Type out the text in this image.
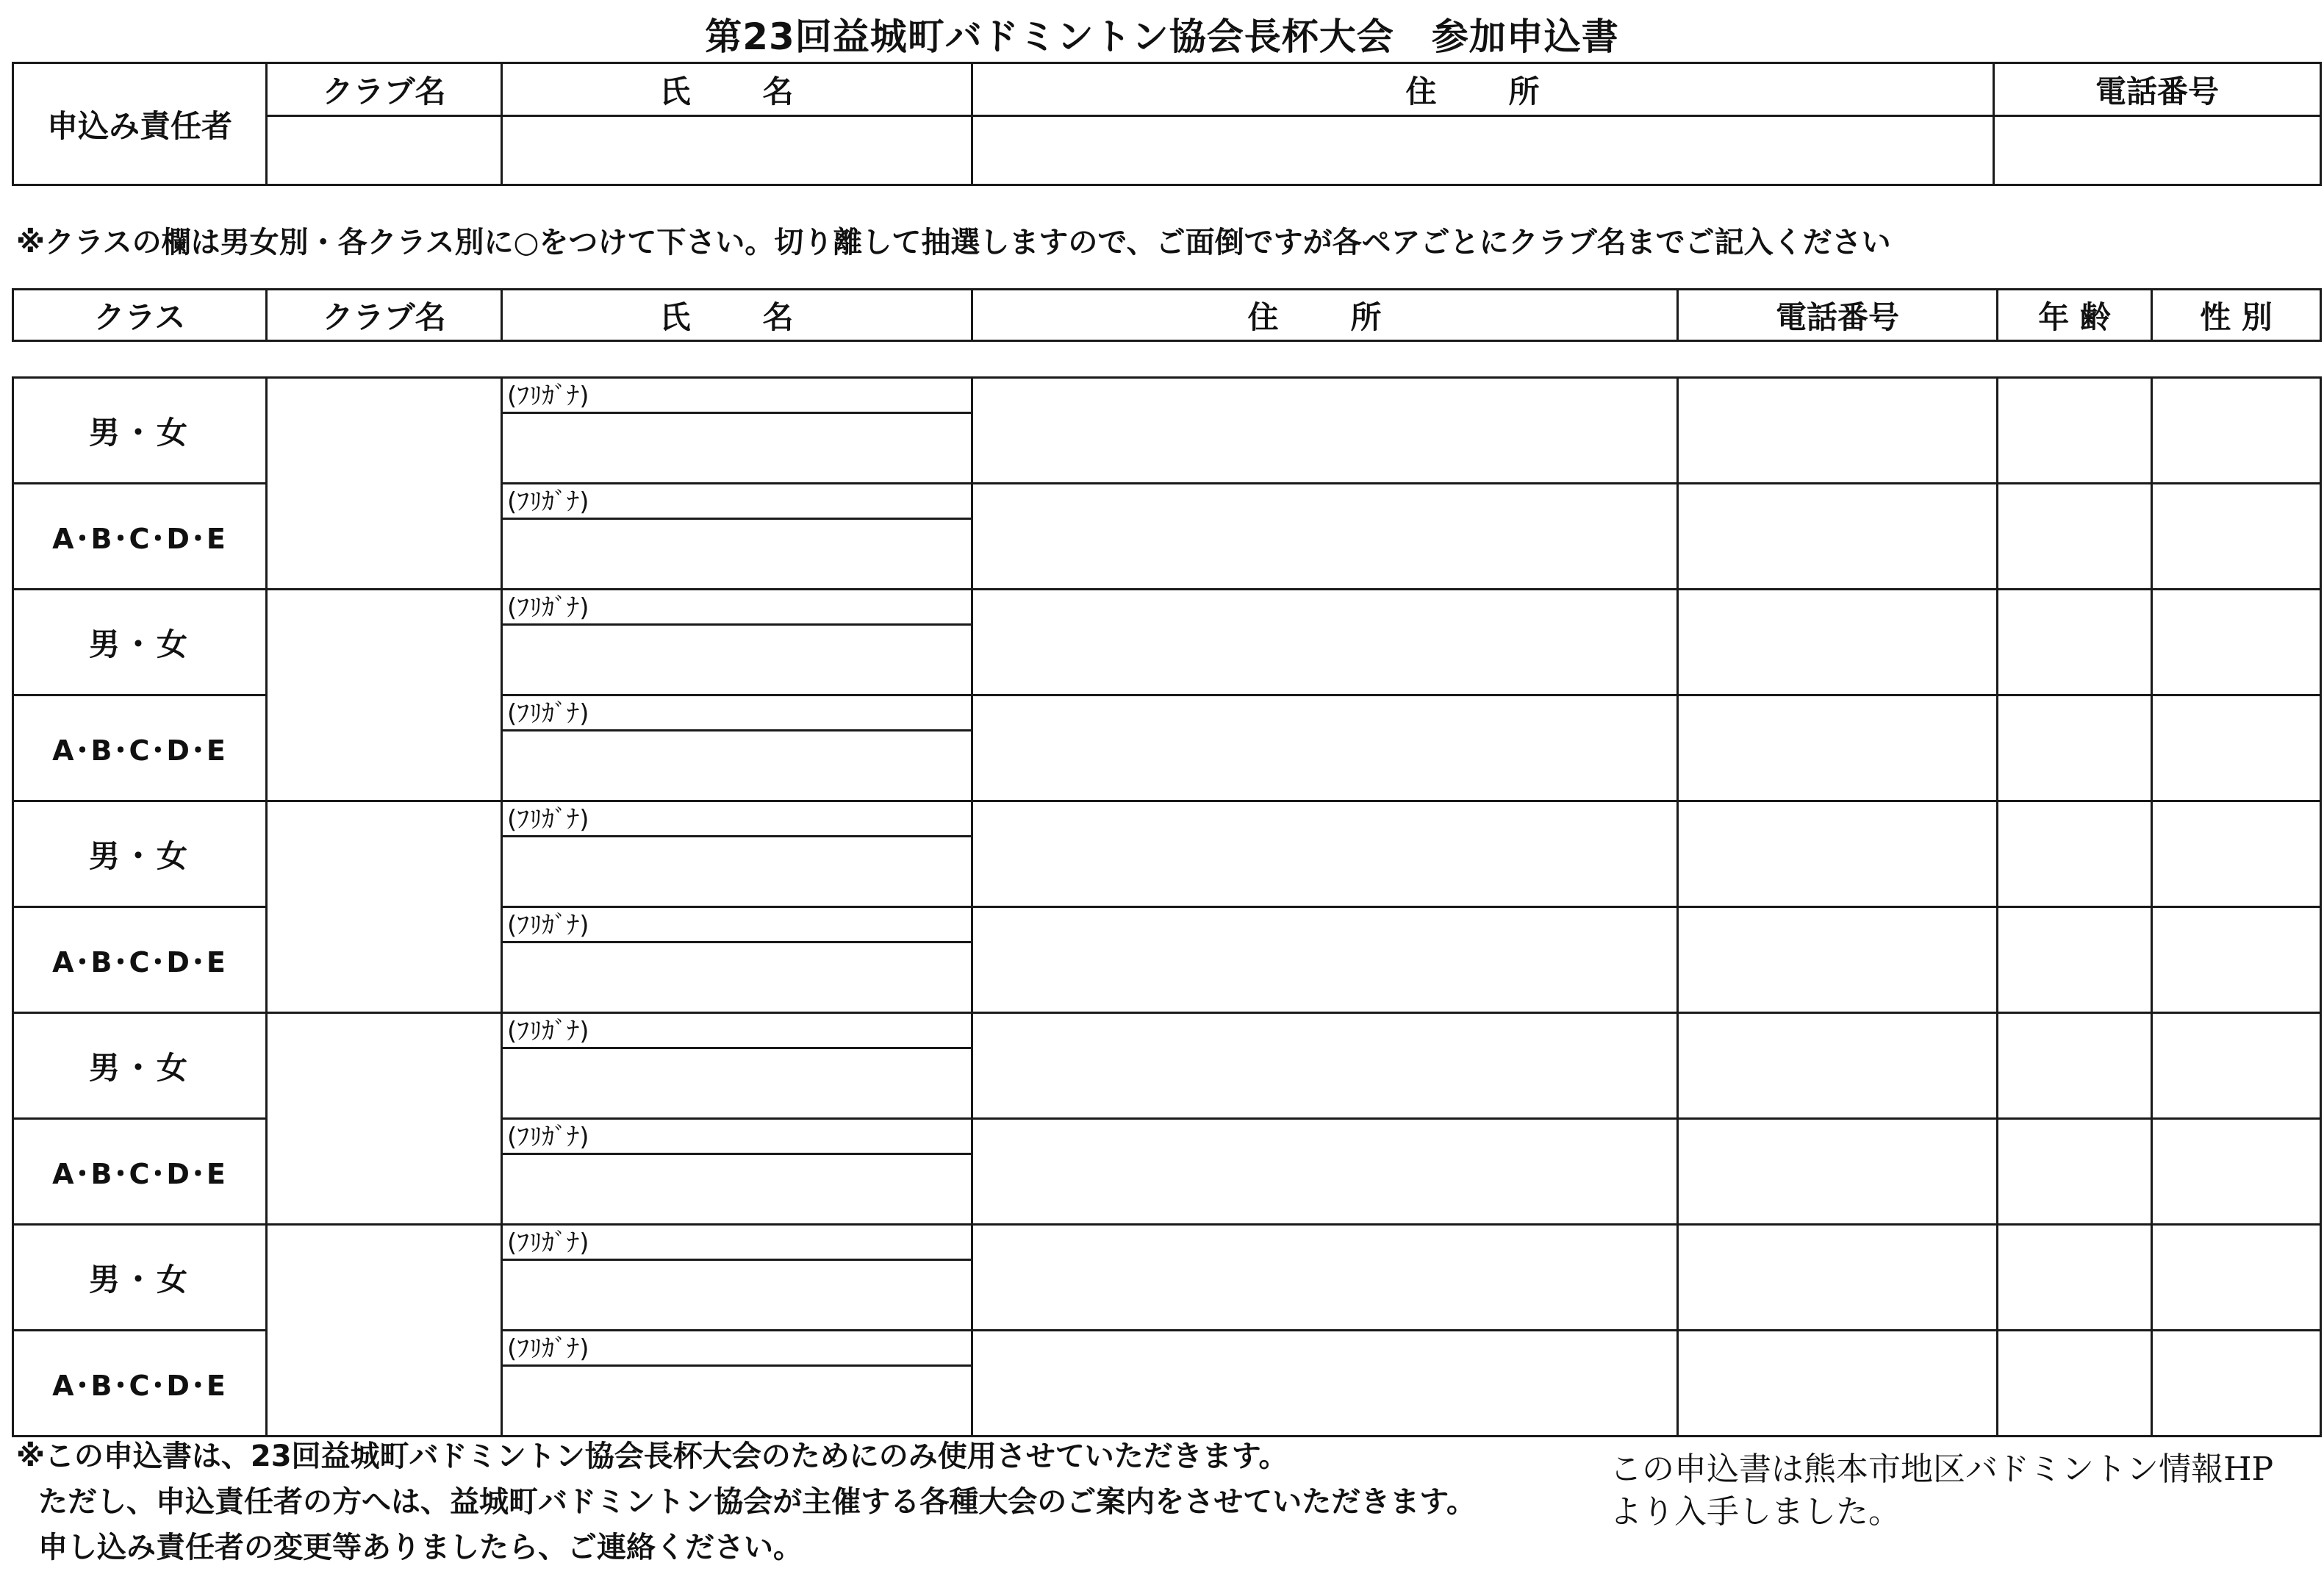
第23回益城町バドミントン協会長杯大会　参加申込書
申込み責任者	クラブ名	氏　名	住　所	電話番号

※クラスの欄は男女別・各クラス別に○をつけて下さい。切り離して抽選しますので、ご面倒ですが各ペアごとにクラブ名までご記入ください
クラス	クラブ名	氏　名	住　所	電話番号	年 齢	性 別
男・女		(ﾌﾘｶﾞﾅ)				

A･B･C･D･E		(ﾌﾘｶﾞﾅ)				

男・女		(ﾌﾘｶﾞﾅ)				

A･B･C･D･E		(ﾌﾘｶﾞﾅ)				

男・女		(ﾌﾘｶﾞﾅ)				

A･B･C･D･E		(ﾌﾘｶﾞﾅ)				

男・女		(ﾌﾘｶﾞﾅ)				

A･B･C･D･E		(ﾌﾘｶﾞﾅ)				

男・女		(ﾌﾘｶﾞﾅ)				

A･B･C･D･E		(ﾌﾘｶﾞﾅ)				

※この申込書は、23回益城町バドミントン協会長杯大会のためにのみ使用させていただきます。
ただし、申込責任者の方へは、益城町バドミントン協会が主催する各種大会のご案内をさせていただきます。
申し込み責任者の変更等ありましたら、ご連絡ください。
この申込書は熊本市地区バドミントン情報HP
より入手しました。
